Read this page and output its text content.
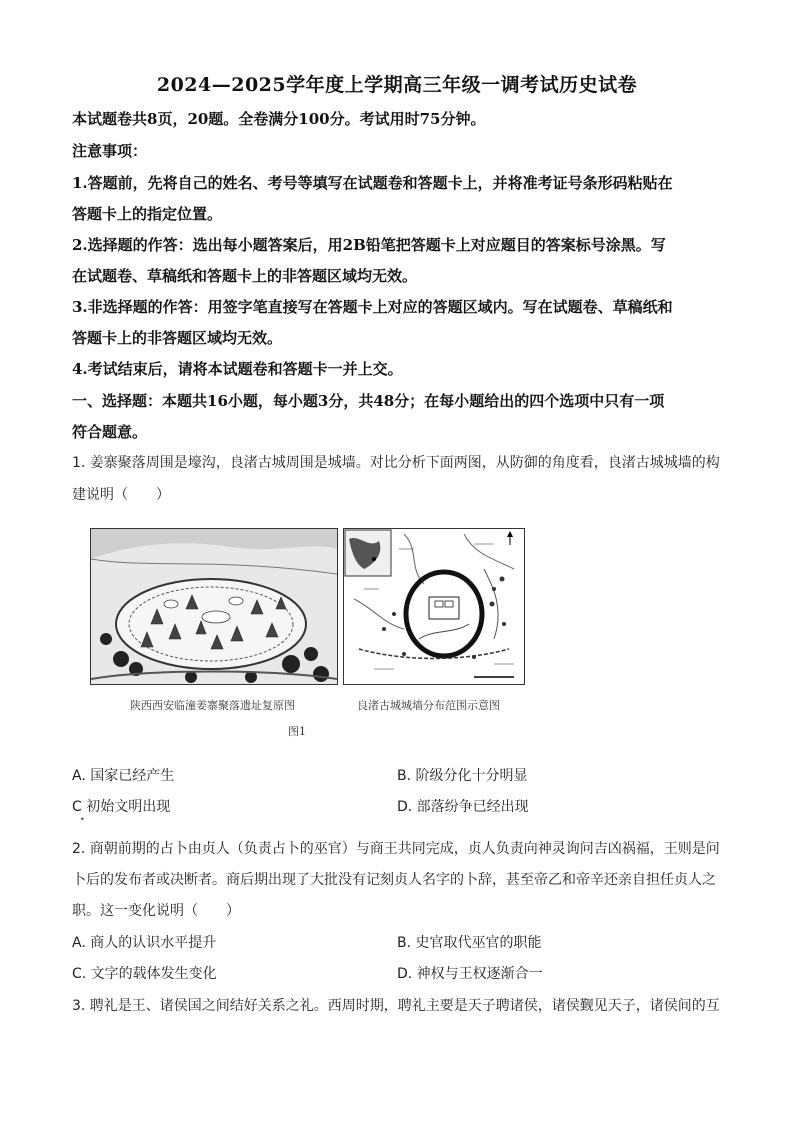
2024—2025学年度上学期高三年级一调考试历史试卷
本试题卷共8页，20题。全卷满分100分。考试用时75分钟。
注意事项：
1.答题前，先将自己的姓名、考号等填写在试题卷和答题卡上，并将准考证号条形码粘贴在
答题卡上的指定位置。
2.选择题的作答：选出每小题答案后，用2B铅笔把答题卡上对应题目的答案标号涂黑。写
在试题卷、草稿纸和答题卡上的非答题区域均无效。
3.非选择题的作答：用签字笔直接写在答题卡上对应的答题区域内。写在试题卷、草稿纸和
答题卡上的非答题区域均无效。
4.考试结束后，请将本试题卷和答题卡一并上交。
一、选择题：本题共16小题，每小题3分，共48分；在每小题给出的四个选项中只有一项
符合题意。
1. 姜寨聚落周围是壕沟，良渚古城周围是城墙。对比分析下面两图，从防御的角度看，良渚古城城墙的构
建说明（　　）
陕西西安临潼姜寨聚落遗址复原图	良渚古城城墙分布范围示意图
图1
A. 国家已经产生	B. 阶级分化十分明显
C 初始文明出现	D. 部落纷争已经出现
•
2. 商朝前期的占卜由贞人（负责占卜的巫官）与商王共同完成，贞人负责向神灵询问吉凶祸福，王则是问
卜后的发布者或决断者。商后期出现了大批没有记刻贞人名字的卜辞，甚至帝乙和帝辛还亲自担任贞人之
职。这一变化说明（　　）
A. 商人的认识水平提升	B. 史官取代巫官的职能
C. 文字的载体发生变化	D. 神权与王权逐渐合一
3. 聘礼是王、诸侯国之间结好关系之礼。西周时期，聘礼主要是天子聘诸侯，诸侯觐见天子，诸侯间的互
